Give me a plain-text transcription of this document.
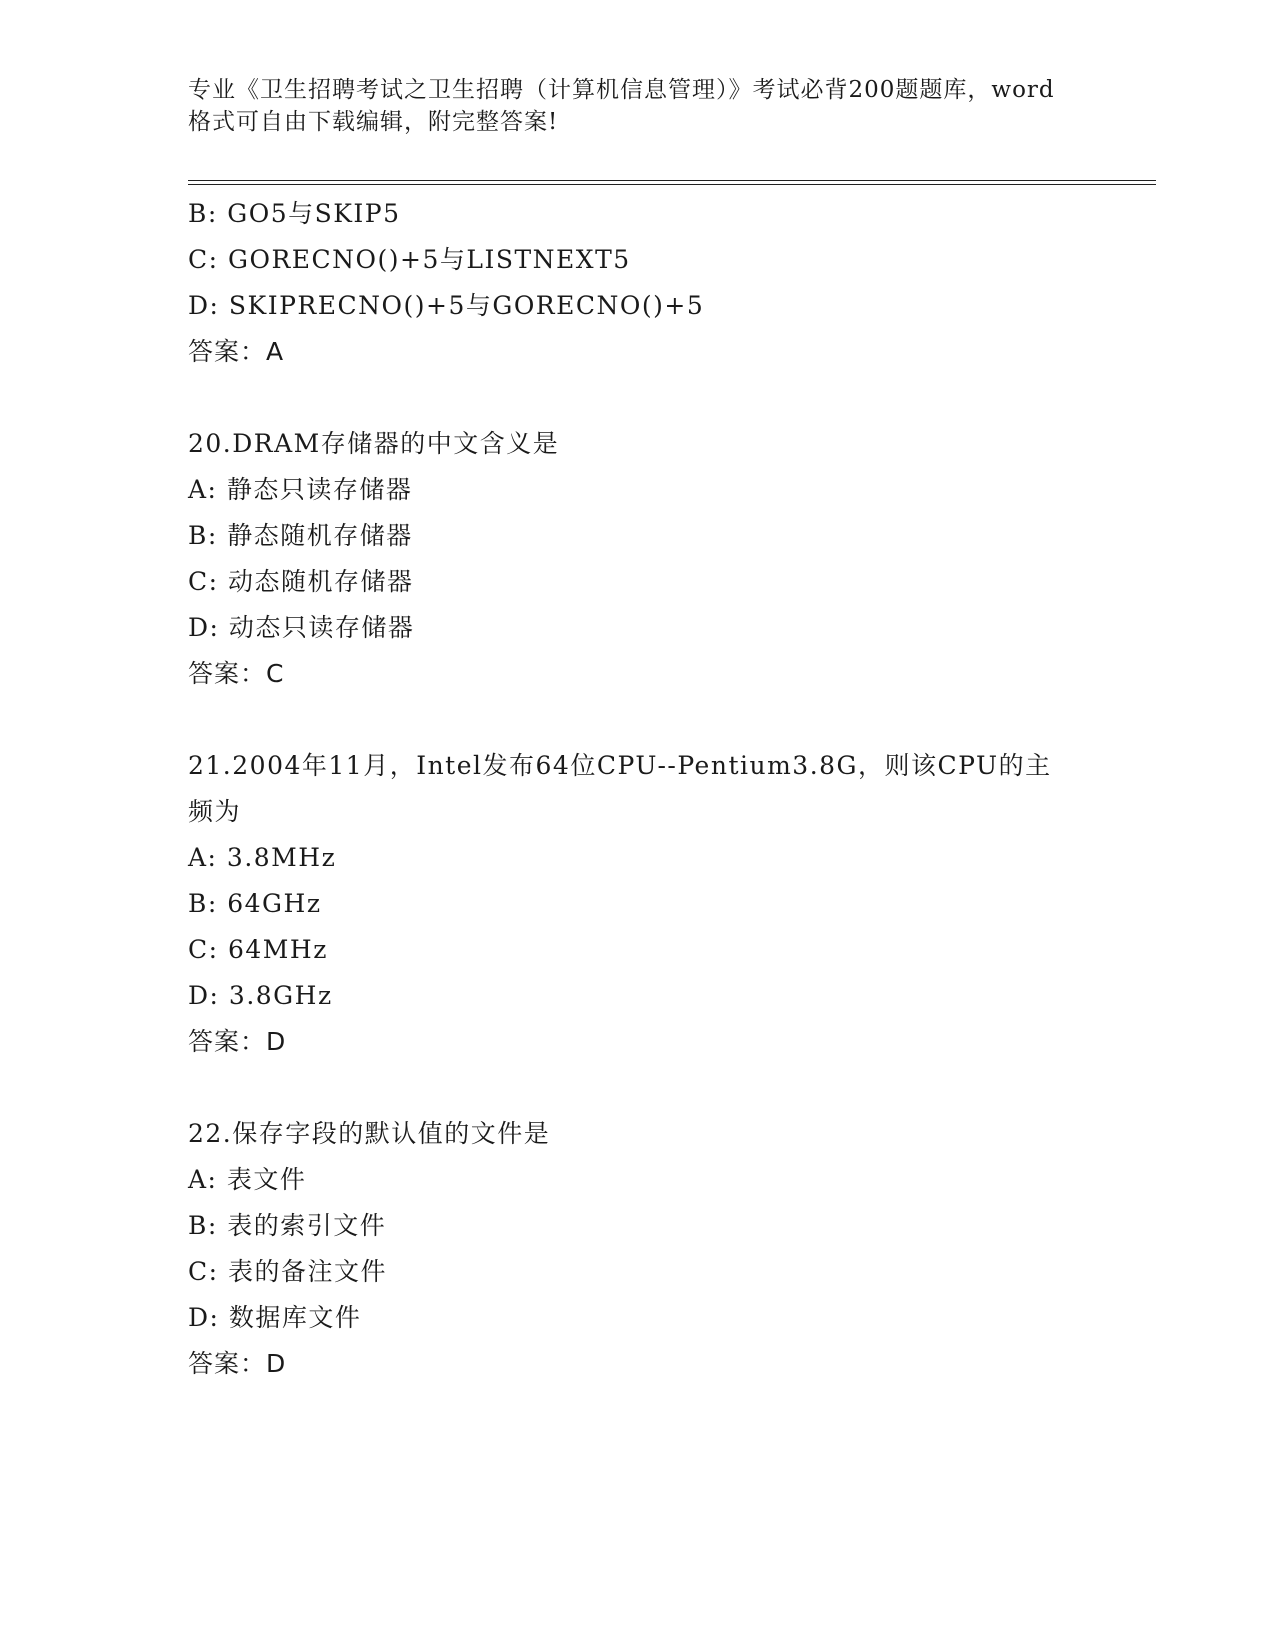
专业《卫生招聘考试之卫生招聘（计算机信息管理）》考试必背200题题库，word
格式可自由下载编辑，附完整答案!
B: GO5与SKIP5
C: GORECNO()+5与LISTNEXT5
D: SKIPRECNO()+5与GORECNO()+5
答案：A
20.DRAM存储器的中文含义是
A: 静态只读存储器
B: 静态随机存储器
C: 动态随机存储器
D: 动态只读存储器
答案：C
21.2004年11月，Intel发布64位CPU--Pentium3.8G，则该CPU的主
频为
A: 3.8MHz
B: 64GHz
C: 64MHz
D: 3.8GHz
答案：D
22.保存字段的默认值的文件是
A: 表文件
B: 表的索引文件
C: 表的备注文件
D: 数据库文件
答案：D
